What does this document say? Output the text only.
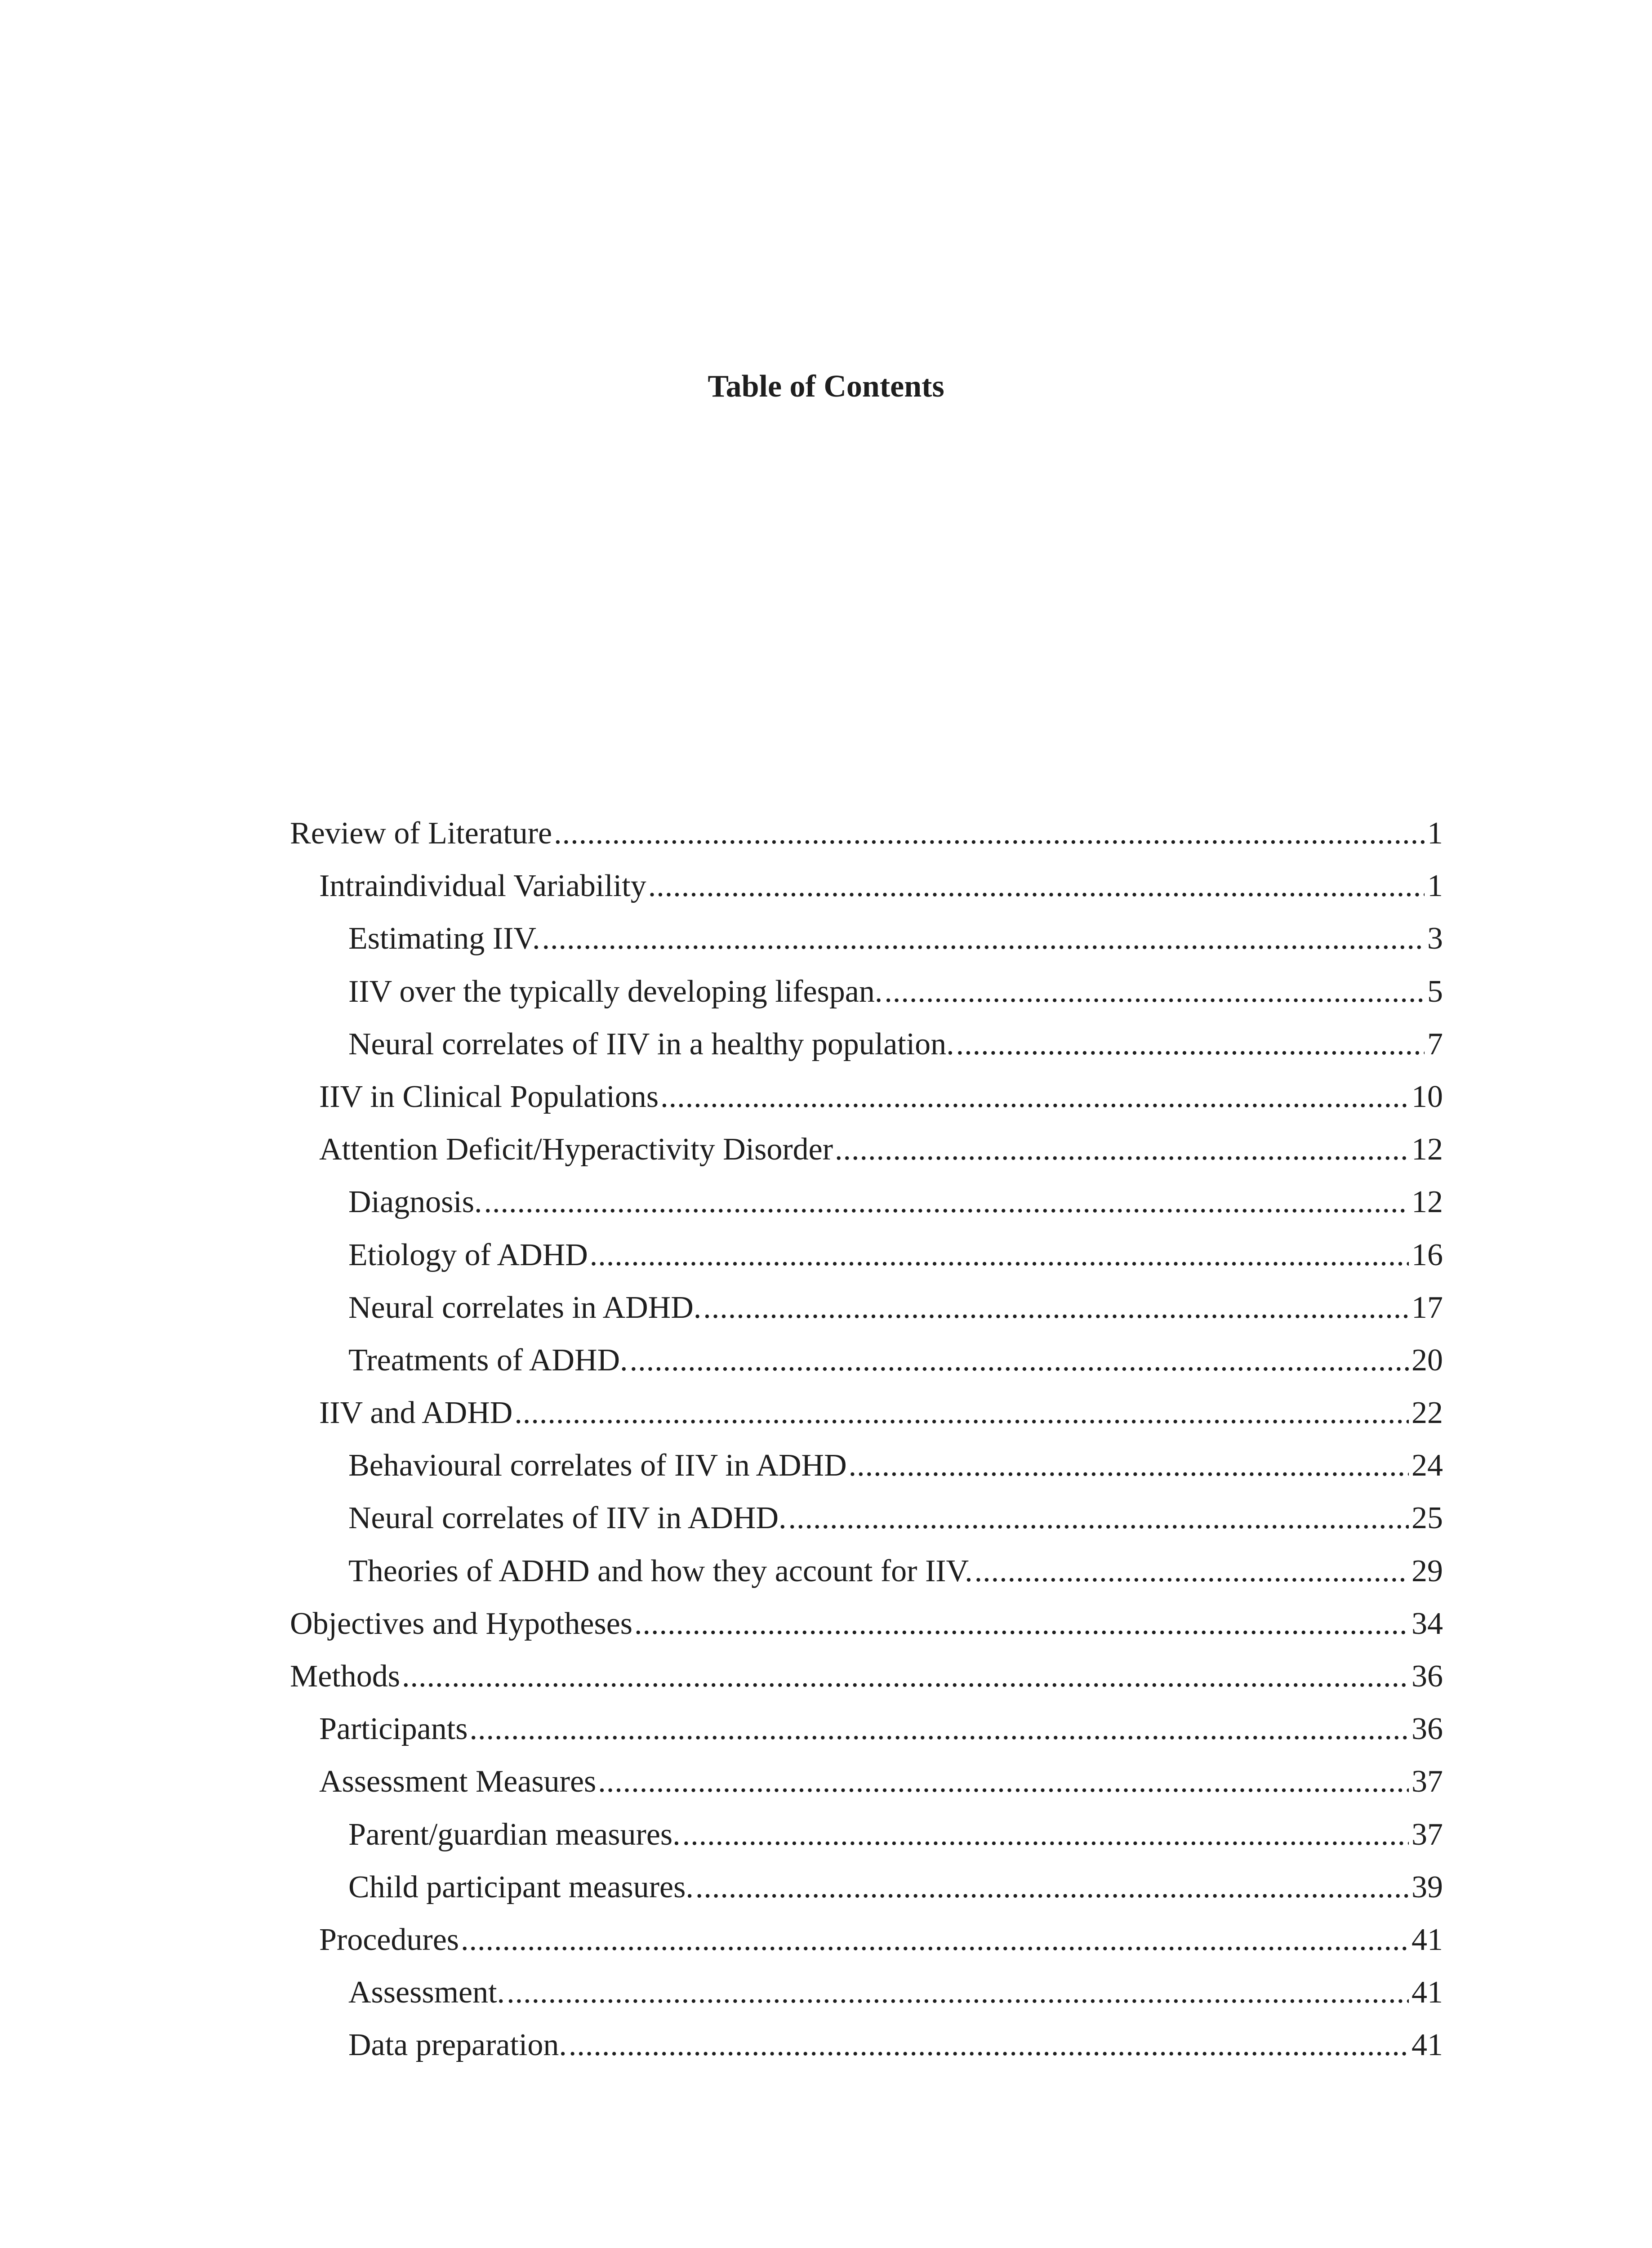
Table of Contents
Review of Literature .....	1
Intraindividual Variability .....	1
Estimating IIV. .....	3
IIV over the typically developing lifespan. .....	5
Neural correlates of IIV in a healthy population. .....	7
IIV in Clinical Populations .....	10
Attention Deficit/Hyperactivity Disorder .....	12
Diagnosis. .....	12
Etiology of ADHD .....	16
Neural correlates in ADHD. .....	17
Treatments of ADHD. .....	20
IIV and ADHD .....	22
Behavioural correlates of IIV in ADHD .....	24
Neural correlates of IIV in ADHD. .....	25
Theories of ADHD and how they account for IIV. .....	29
Objectives and Hypotheses .....	34
Methods .....	36
Participants .....	36
Assessment Measures .....	37
Parent/guardian measures. .....	37
Child participant measures. .....	39
Procedures .....	41
Assessment. .....	41
Data preparation. .....	41
